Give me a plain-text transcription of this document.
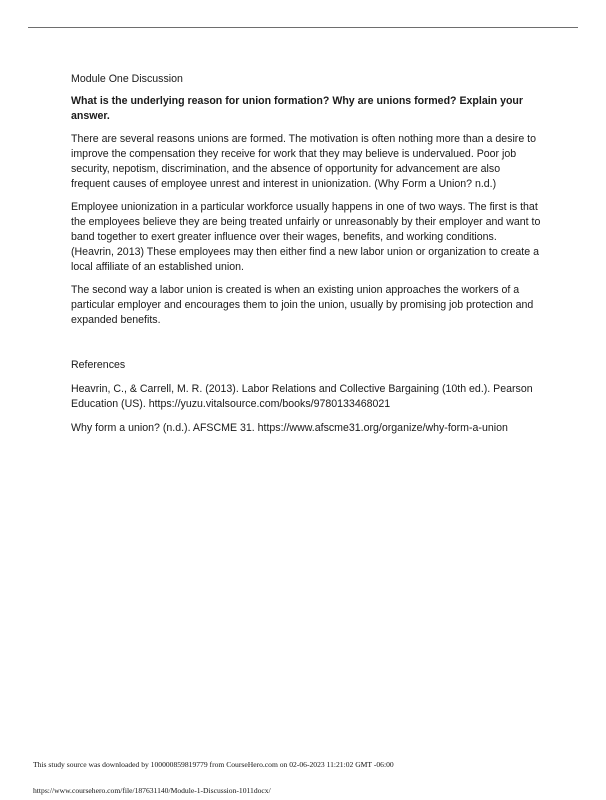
Module One Discussion

What is the underlying reason for union formation? Why are unions formed? Explain your answer.

There are several reasons unions are formed. The motivation is often nothing more than a desire to improve the compensation they receive for work that they may believe is undervalued. Poor job security, nepotism, discrimination, and the absence of opportunity for advancement are also frequent causes of employee unrest and interest in unionization. (Why Form a Union? n.d.)

Employee unionization in a particular workforce usually happens in one of two ways. The first is that the employees believe they are being treated unfairly or unreasonably by their employer and want to band together to exert greater influence over their wages, benefits, and working conditions. (Heavrin, 2013) These employees may then either find a new labor union or organization to create a local affiliate of an established union.

The second way a labor union is created is when an existing union approaches the workers of a particular employer and encourages them to join the union, usually by promising job protection and expanded benefits.

References

Heavrin, C., & Carrell, M. R. (2013). Labor Relations and Collective Bargaining (10th ed.). Pearson Education (US). https://yuzu.vitalsource.com/books/9780133468021

Why form a union? (n.d.). AFSCME 31. https://www.afscme31.org/organize/why-form-a-union

This study source was downloaded by 100000859819779 from CourseHero.com on 02-06-2023 11:21:02 GMT -06:00
https://www.coursehero.com/file/187631140/Module-1-Discussion-1011docx/
